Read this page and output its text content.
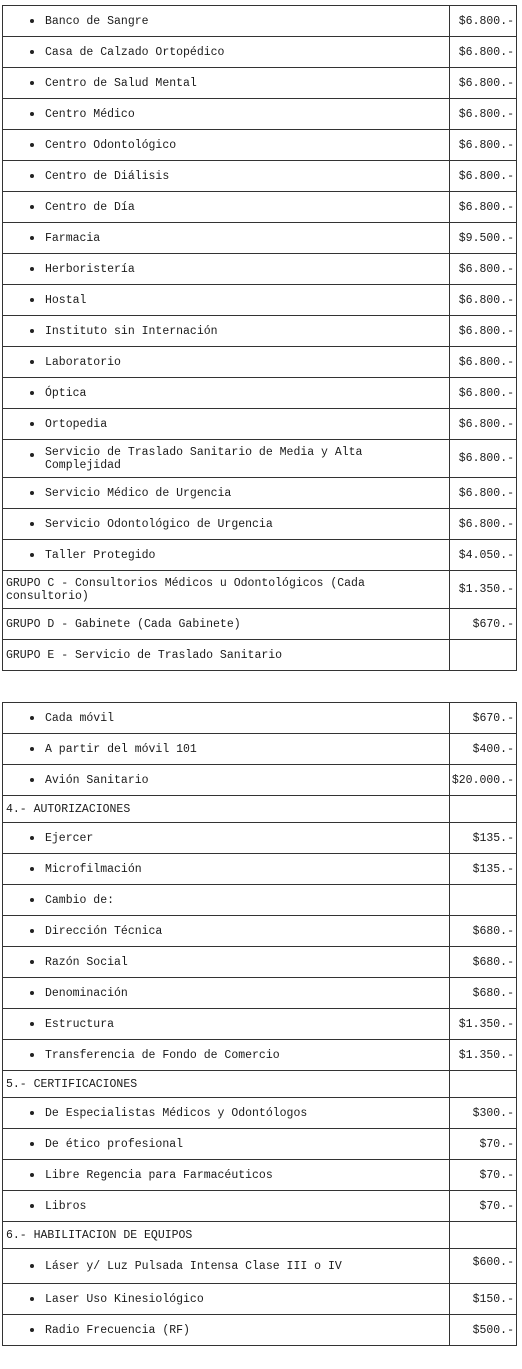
Banco de Sangre	$6.800.-

Casa de Calzado Ortopédico	$6.800.-

Centro de Salud Mental	$6.800.-

Centro Médico	$6.800.-

Centro Odontológico	$6.800.-

Centro de Diálisis	$6.800.-

Centro de Día	$6.800.-

Farmacia	$9.500.-

Herboristería	$6.800.-

Hostal	$6.800.-

Instituto sin Internación	$6.800.-

Laboratorio	$6.800.-

Óptica	$6.800.-

Ortopedia	$6.800.-

Servicio de Traslado Sanitario de Media y Alta Complejidad	$6.800.-

Servicio Médico de Urgencia	$6.800.-

Servicio Odontológico de Urgencia	$6.800.-

Taller Protegido	$4.050.-
GRUPO C - Consultorios Médicos u Odontológicos (Cada consultorio)	$1.350.-
GRUPO D - Gabinete (Cada Gabinete)	$670.-
GRUPO E - Servicio de Traslado Sanitario	
Cada móvil	$670.-

A partir del móvil 101	$400.-

Avión Sanitario	$20.000.-
4.- AUTORIZACIONES	

Ejercer	$135.-

Microfilmación	$135.-

Cambio de:	

Dirección Técnica	$680.-

Razón Social	$680.-

Denominación	$680.-

Estructura	$1.350.-

Transferencia de Fondo de Comercio	$1.350.-
5.- CERTIFICACIONES	

De Especialistas Médicos y Odontólogos	$300.-

De ético profesional	$70.-

Libre Regencia para Farmacéuticos	$70.-

Libros	$70.-
6.- HABILITACION DE EQUIPOS	

Láser y/ Luz Pulsada Intensa Clase III o IV	$600.-

Laser Uso Kinesiológico	$150.-

Radio Frecuencia (RF)	$500.-
